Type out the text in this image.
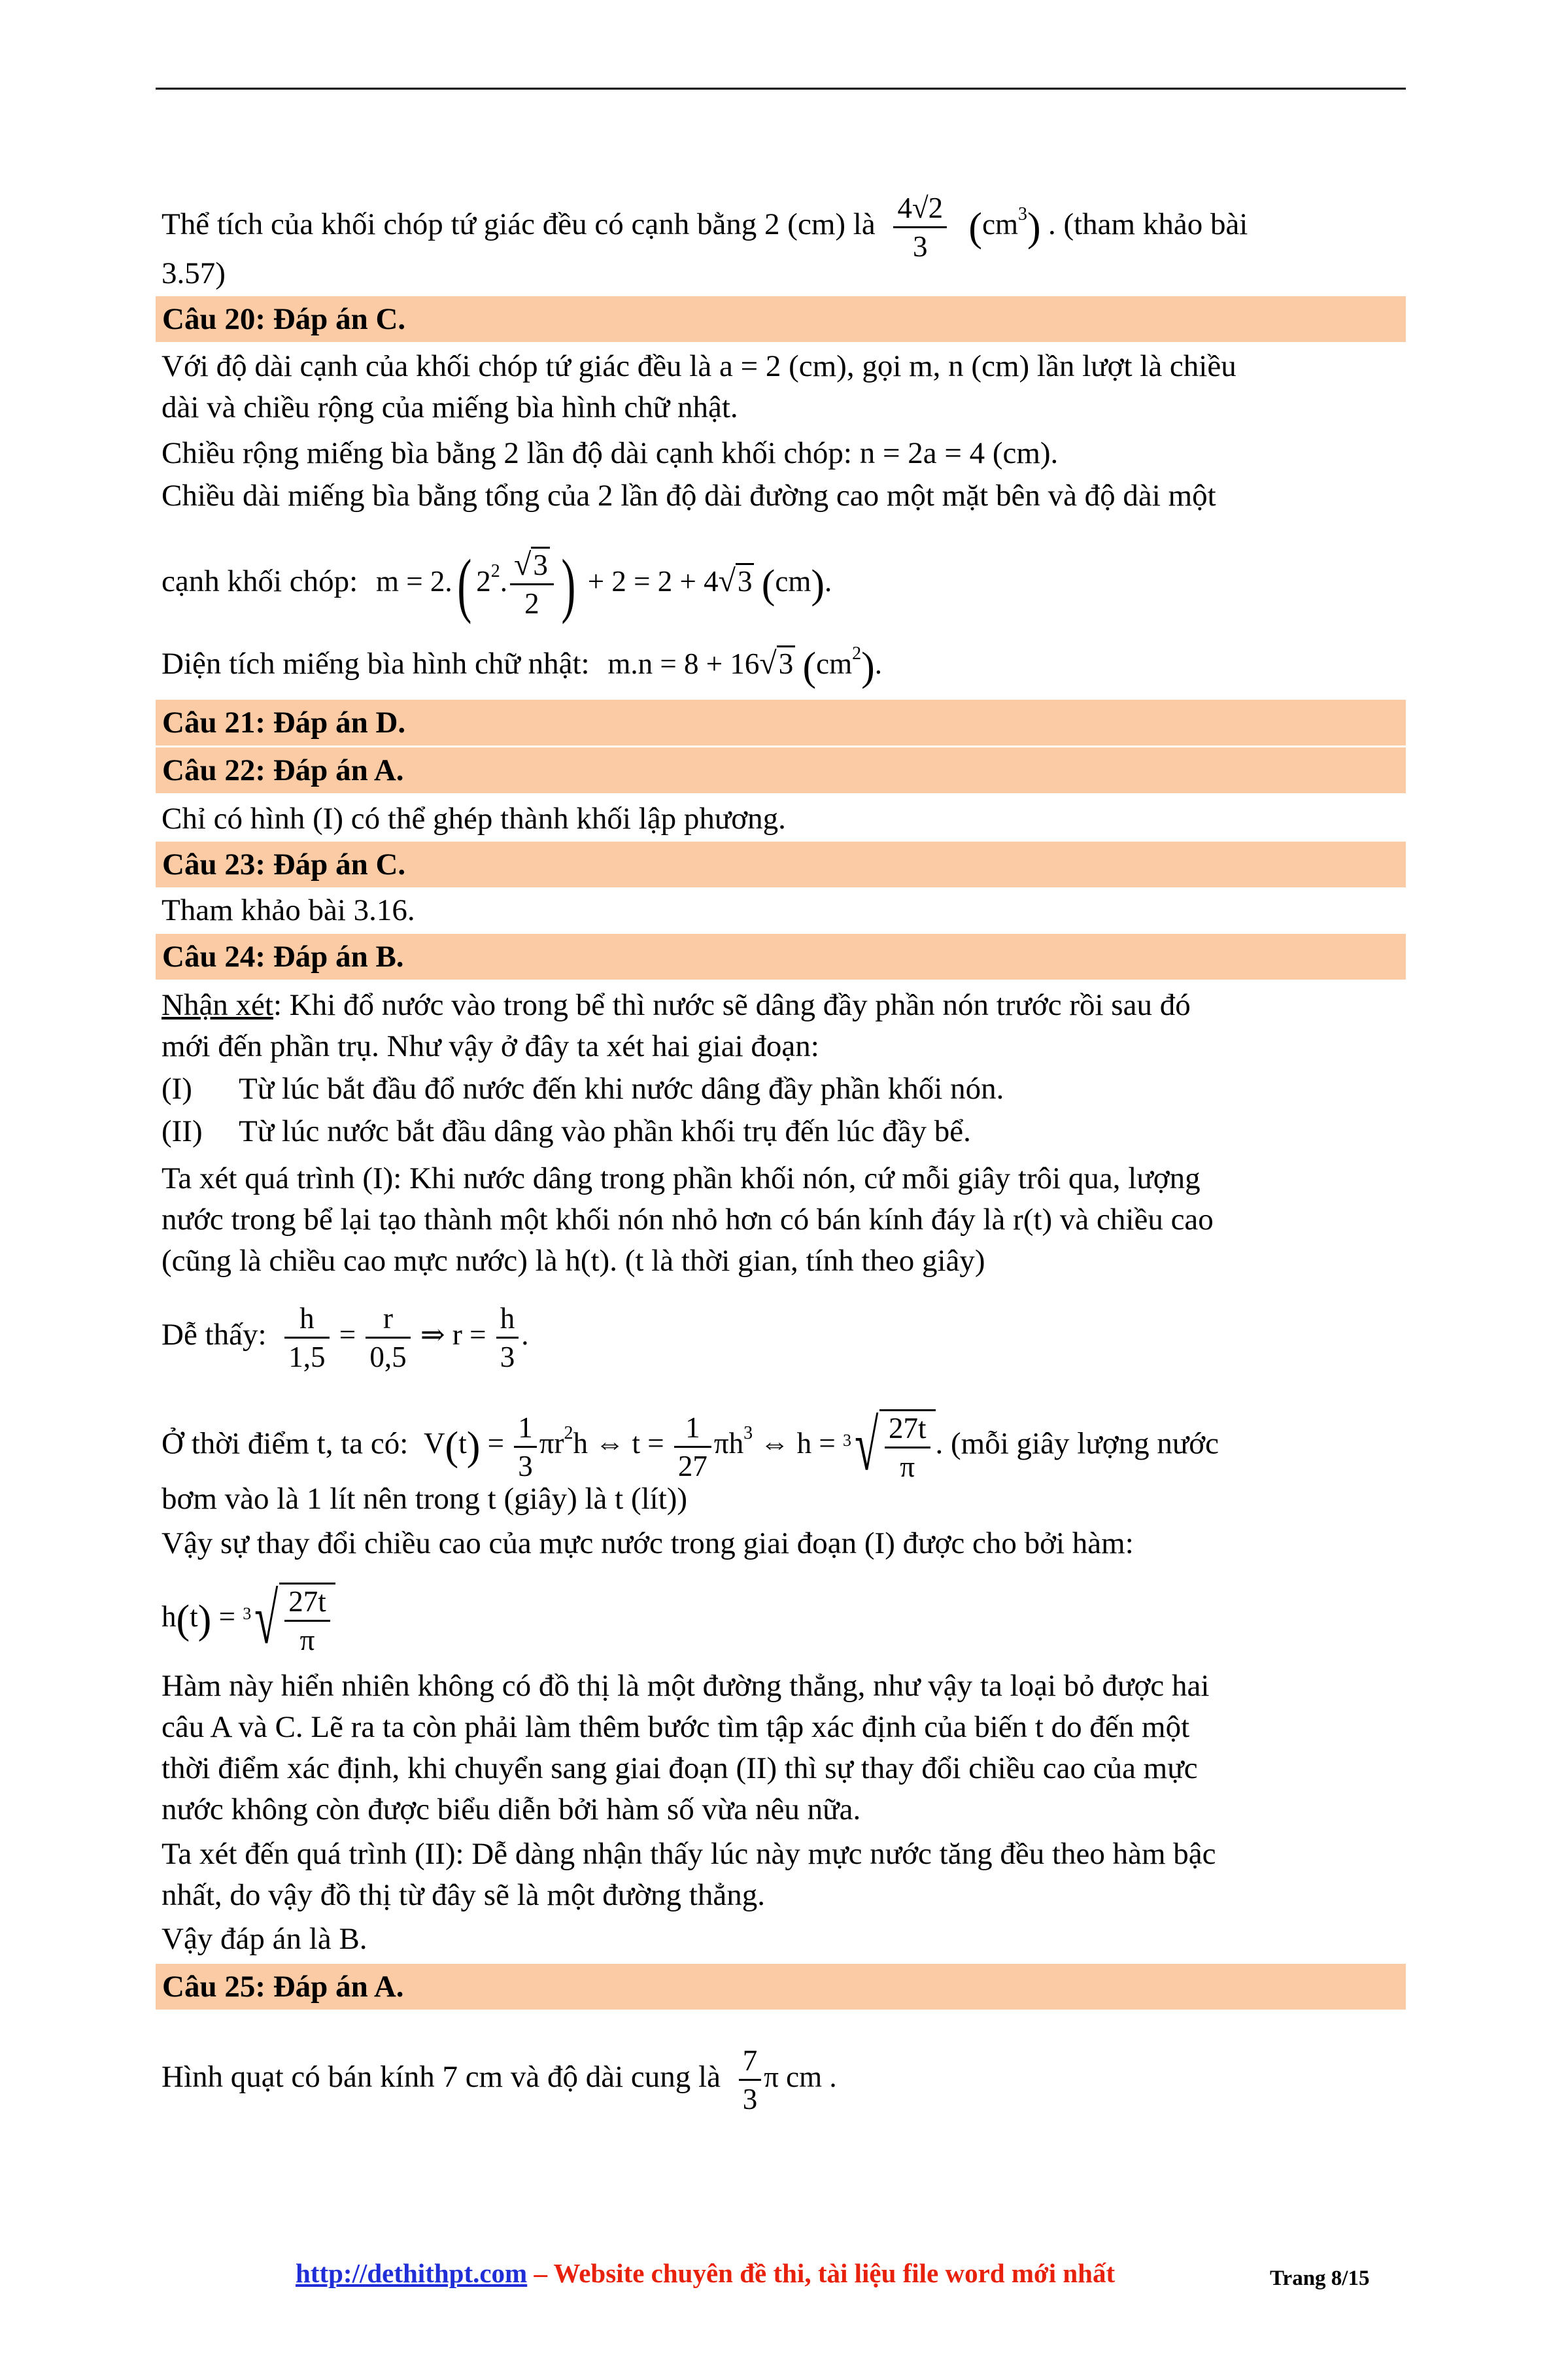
Thể tích của khối chóp tứ giác đều có cạnh bằng 2 (cm) là $\frac{4√2}{3} (cm^3)$ . (tham khảo bài
3.57)
Câu 20: Đáp án C.
Với độ dài cạnh của khối chóp tứ giác đều là a = 2 (cm), gọi m, n (cm) lần lượt là chiều
dài và chiều rộng của miếng bìa hình chữ nhật.
Chiều rộng miếng bìa bằng 2 lần độ dài cạnh khối chóp: n = 2a = 4 (cm).
Chiều dài miếng bìa bằng tổng của 2 lần độ dài đường cao một mặt bên và độ dài một
cạnh khối chóp: m = 2.( $2^2$. $\frac{√3}{2}$ ) + 2 = 2 + 4√3 (cm).
Diện tích miếng bìa hình chữ nhật: m.n = 8 + 16√3 $(cm^2)$.
Câu 21: Đáp án D.
Câu 22: Đáp án A.
Chỉ có hình (I) có thể ghép thành khối lập phương.
Câu 23: Đáp án C.
Tham khảo bài 3.16.
Câu 24: Đáp án B.
Nhận xét: Khi đổ nước vào trong bể thì nước sẽ dâng đầy phần nón trước rồi sau đó
mới đến phần trụ. Như vậy ở đây ta xét hai giai đoạn:
(I) Từ lúc bắt đầu đổ nước đến khi nước dâng đầy phần khối nón.
(II) Từ lúc nước bắt đầu dâng vào phần khối trụ đến lúc đầy bể.
Ta xét quá trình (I): Khi nước dâng trong phần khối nón, cứ mỗi giây trôi qua, lượng
nước trong bể lại tạo thành một khối nón nhỏ hơn có bán kính đáy là r(t) và chiều cao
(cũng là chiều cao mực nước) là h(t). (t là thời gian, tính theo giây)
Dễ thấy: $\frac{h}{1,5} = \frac{r}{0,5}$ ⇒ $r = \frac{h}{3}$ .
Ở thời điểm t, ta có: $V(t) = \frac{1}{3} \pi r^2h$ ⇔ $t = \frac{1}{27} \pi h^3$ ⇔ h = 3 √ $\frac{27t}{\pi}$ . (mỗi giây lượng nước
bơm vào là 1 lít nên trong t (giây) là t (lít))
Vậy sự thay đổi chiều cao của mực nước trong giai đoạn (I) được cho bởi hàm:
h(t) = 3 √ $\frac{27t}{\pi}$
Hàm này hiển nhiên không có đồ thị là một đường thẳng, như vậy ta loại bỏ được hai
câu A và C. Lẽ ra ta còn phải làm thêm bước tìm tập xác định của biến t do đến một
thời điểm xác định, khi chuyển sang giai đoạn (II) thì sự thay đổi chiều cao của mực
nước không còn được biểu diễn bởi hàm số vừa nêu nữa.
Ta xét đến quá trình (II): Dễ dàng nhận thấy lúc này mực nước tăng đều theo hàm bậc
nhất, do vậy đồ thị từ đây sẽ là một đường thẳng.
Vậy đáp án là B.
Câu 25: Đáp án A.
Hình quạt có bán kính 7 cm và độ dài cung là $\frac{7}{3}$ π cm .
http://dethithpt.com – Website chuyên đề thi, tài liệu file word mới nhất	Trang 8/15
